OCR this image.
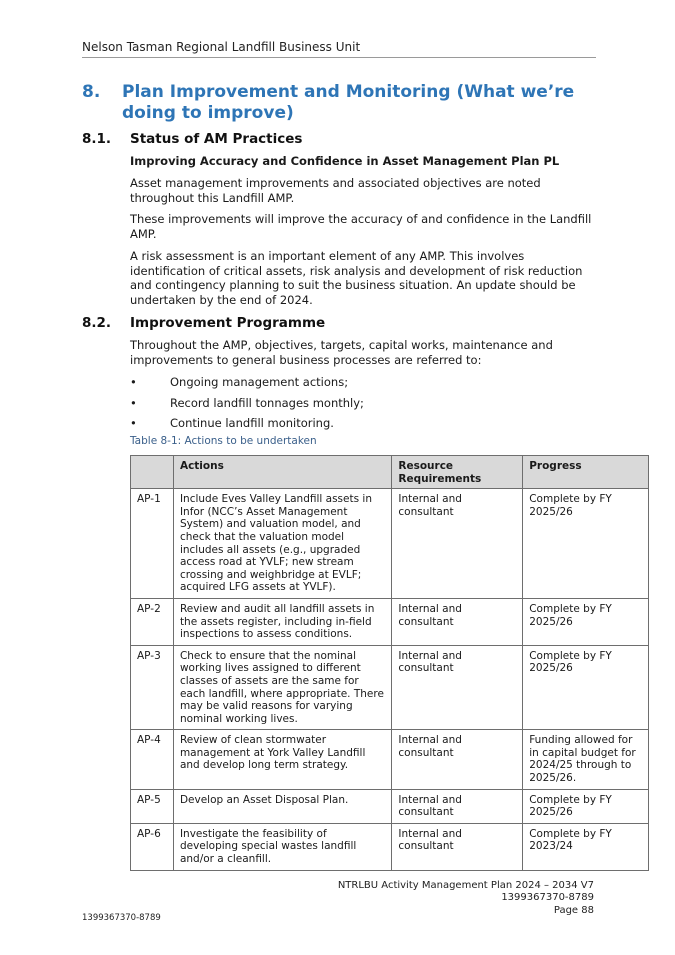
Nelson Tasman Regional Landfill Business Unit
8.	Plan Improvement and Monitoring (What we’re doing to improve)
8.1.	Status of AM Practices
Improving Accuracy and Confidence in Asset Management Plan PL
Asset management improvements and associated objectives are noted throughout this Landfill AMP.
These improvements will improve the accuracy of and confidence in the Landfill AMP.
A risk assessment is an important element of any AMP. This involves identification of critical assets, risk analysis and development of risk reduction and contingency planning to suit the business situation. An update should be undertaken by the end of 2024.
8.2.	Improvement Programme
Throughout the AMP, objectives, targets, capital works, maintenance and improvements to general business processes are referred to:
•	Ongoing management actions;
•	Record landfill tonnages monthly;
•	Continue landfill monitoring.
Table 8-1: Actions to be undertaken
	Actions	Resource Requirements	Progress
AP-1	Include Eves Valley Landfill assets in Infor (NCC’s Asset Management System) and valuation model, and check that the valuation model includes all assets (e.g., upgraded access road at YVLF; new stream crossing and weighbridge at EVLF; acquired LFG assets at YVLF).	Internal and consultant	Complete by FY 2025/26
AP-2	Review and audit all landfill assets in the assets register, including in-field inspections to assess conditions.	Internal and consultant	Complete by FY 2025/26
AP-3	Check to ensure that the nominal working lives assigned to different classes of assets are the same for each landfill, where appropriate. There may be valid reasons for varying nominal working lives.	Internal and consultant	Complete by FY 2025/26
AP-4	Review of clean stormwater management at York Valley Landfill and develop long term strategy.	Internal and consultant	Funding allowed for in capital budget for 2024/25 through to 2025/26.
AP-5	Develop an Asset Disposal Plan.	Internal and consultant	Complete by FY 2025/26
AP-6	Investigate the feasibility of developing special wastes landfill and/or a cleanfill.	Internal and consultant	Complete by FY 2023/24
NTRLBU Activity Management Plan 2024 – 2034 V7
1399367370-8789
Page 88
1399367370-8789
